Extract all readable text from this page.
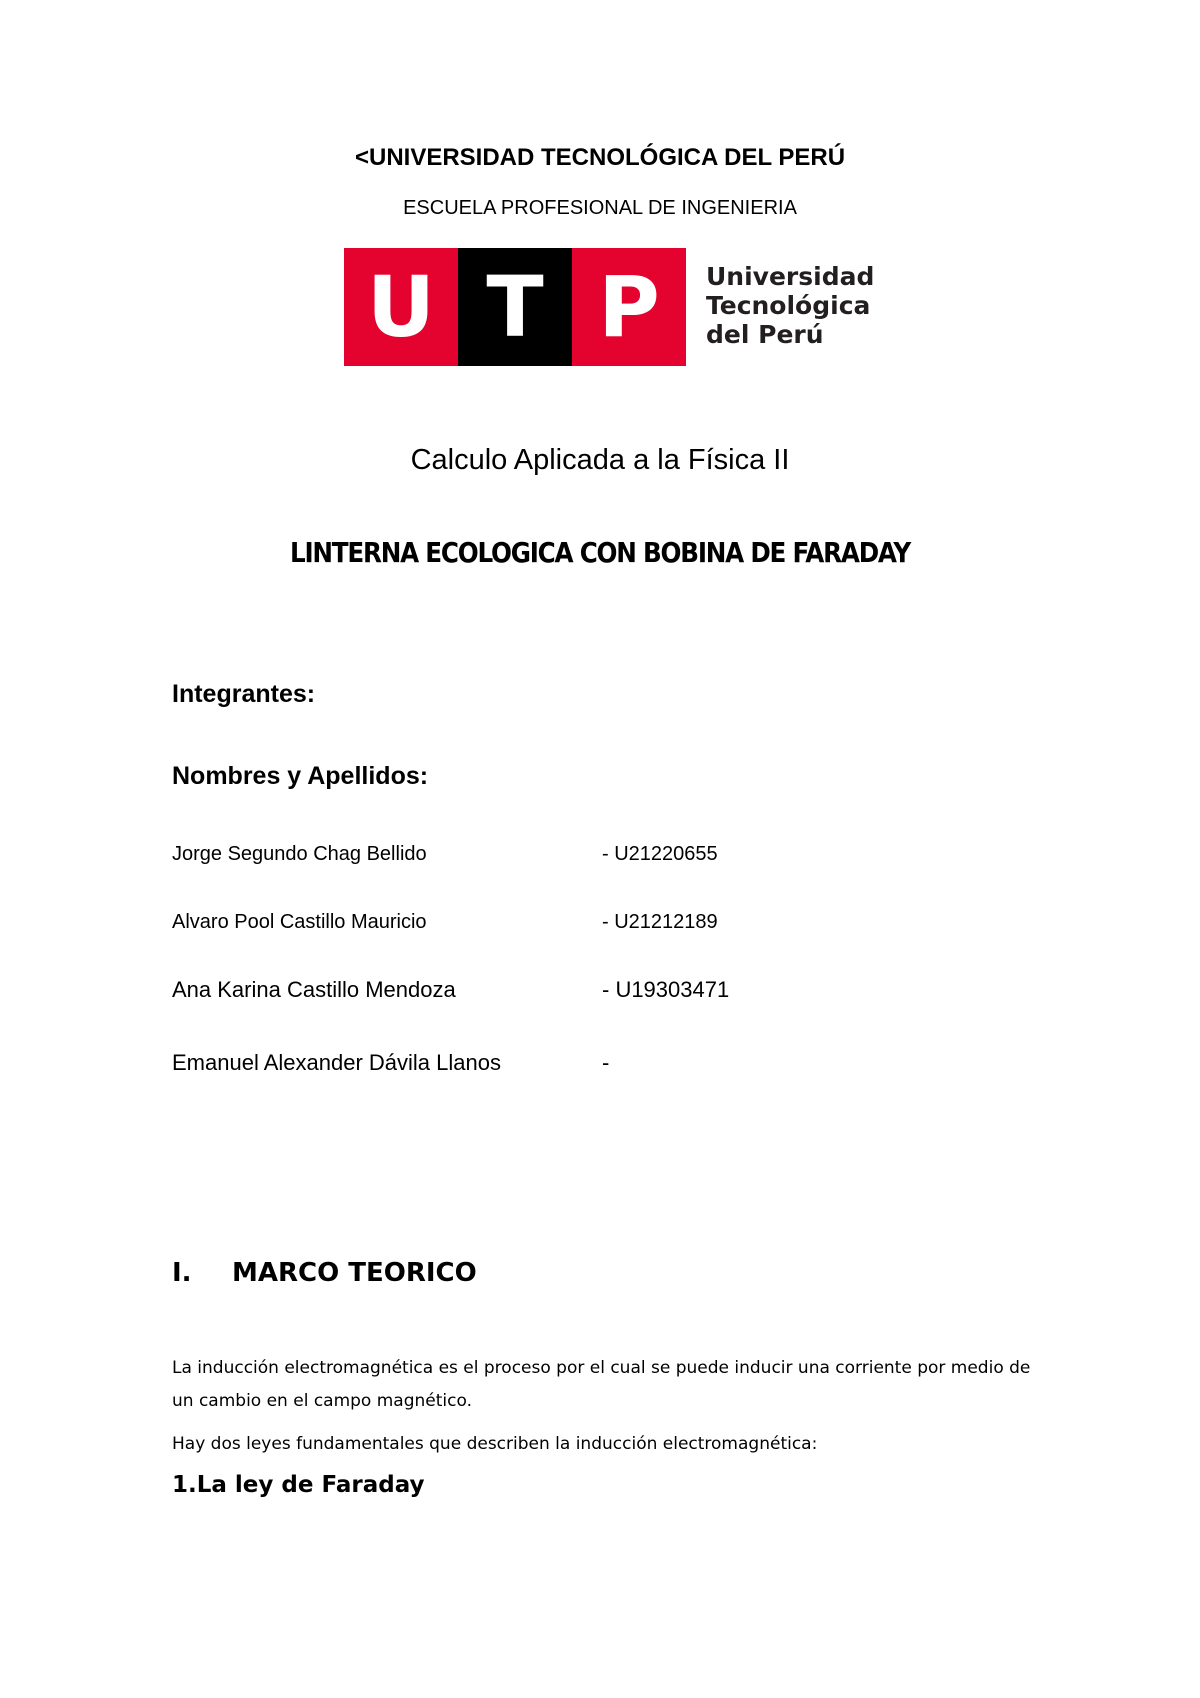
<UNIVERSIDAD TECNOLÓGICA DEL PERÚ

ESCUELA PROFESIONAL DE INGENIERIA

U T P	Universidad
Tecnológica
del Perú

Calculo Aplicada a la Física II

LINTERNA ECOLOGICA CON BOBINA DE FARADAY

Integrantes:

Nombres y Apellidos:

Jorge Segundo Chag Bellido	- U21220655

Alvaro Pool Castillo Mauricio	- U21212189

Ana Karina Castillo Mendoza	- U19303471

Emanuel Alexander Dávila Llanos	-

I. MARCO TEORICO

La inducción electromagnética es el proceso por el cual se puede inducir una corriente por medio de un cambio en el campo magnético.

Hay dos leyes fundamentales que describen la inducción electromagnética:

1.La ley de Faraday
